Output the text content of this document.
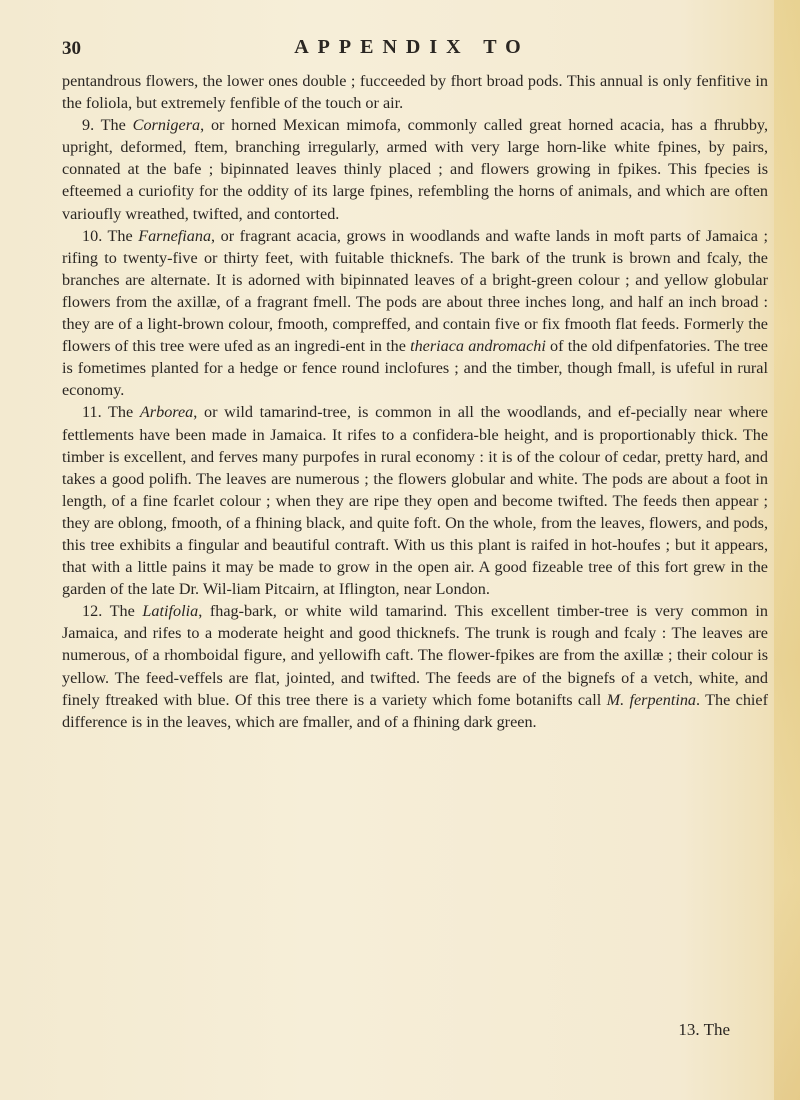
30	APPENDIX TO

pentandrous flowers, the lower ones double ; fucceeded by fhort broad pods. This annual is only fenfitive in the foliola, but extremely fenfible of the touch or air.

9. The Cornigera, or horned Mexican mimofa, commonly called great horned acacia, has a fhrubby, upright, deformed, ftem, branching irregularly, armed with very large horn-like white fpines, by pairs, connated at the bafe ; bipinnated leaves thinly placed ; and flowers growing in fpikes. This fpecies is efteemed a curiofity for the oddity of its large fpines, refembling the horns of animals, and which are often varioufly wreathed, twifted, and contorted.

10. The Farnefiana, or fragrant acacia, grows in woodlands and wafte lands in moft parts of Jamaica ; rifing to twenty-five or thirty feet, with fuitable thicknefs. The bark of the trunk is brown and fcaly, the branches are alternate. It is adorned with bipinnated leaves of a bright-green colour ; and yellow globular flowers from the axillæ, of a fragrant fmell. The pods are about three inches long, and half an inch broad : they are of a light-brown colour, fmooth, compreffed, and contain five or fix fmooth flat feeds. Formerly the flowers of this tree were ufed as an ingredi-ent in the theriaca andromachi of the old difpenfatories. The tree is fometimes planted for a hedge or fence round inclofures ; and the timber, though fmall, is ufeful in rural economy.

11. The Arborea, or wild tamarind-tree, is common in all the woodlands, and ef-pecially near where fettlements have been made in Jamaica. It rifes to a confidera-ble height, and is proportionably thick. The timber is excellent, and ferves many purpofes in rural economy : it is of the colour of cedar, pretty hard, and takes a good polifh. The leaves are numerous ; the flowers globular and white. The pods are about a foot in length, of a fine fcarlet colour ; when they are ripe they open and become twifted. The feeds then appear ; they are oblong, fmooth, of a fhining black, and quite foft. On the whole, from the leaves, flowers, and pods, this tree exhibits a fingular and beautiful contraft. With us this plant is raifed in hot-houfes ; but it appears, that with a little pains it may be made to grow in the open air. A good fizeable tree of this fort grew in the garden of the late Dr. Wil-liam Pitcairn, at Iflington, near London.

12. The Latifolia, fhag-bark, or white wild tamarind. This excellent timber-tree is very common in Jamaica, and rifes to a moderate height and good thicknefs. The trunk is rough and fcaly : The leaves are numerous, of a rhomboidal figure, and yellowifh caft. The flower-fpikes are from the axillæ ; their colour is yellow. The feed-veffels are flat, jointed, and twifted. The feeds are of the bignefs of a vetch, white, and finely ftreaked with blue. Of this tree there is a variety which fome botanifts call M. ferpentina. The chief difference is in the leaves, which are fmaller, and of a fhining dark green.

13. The
